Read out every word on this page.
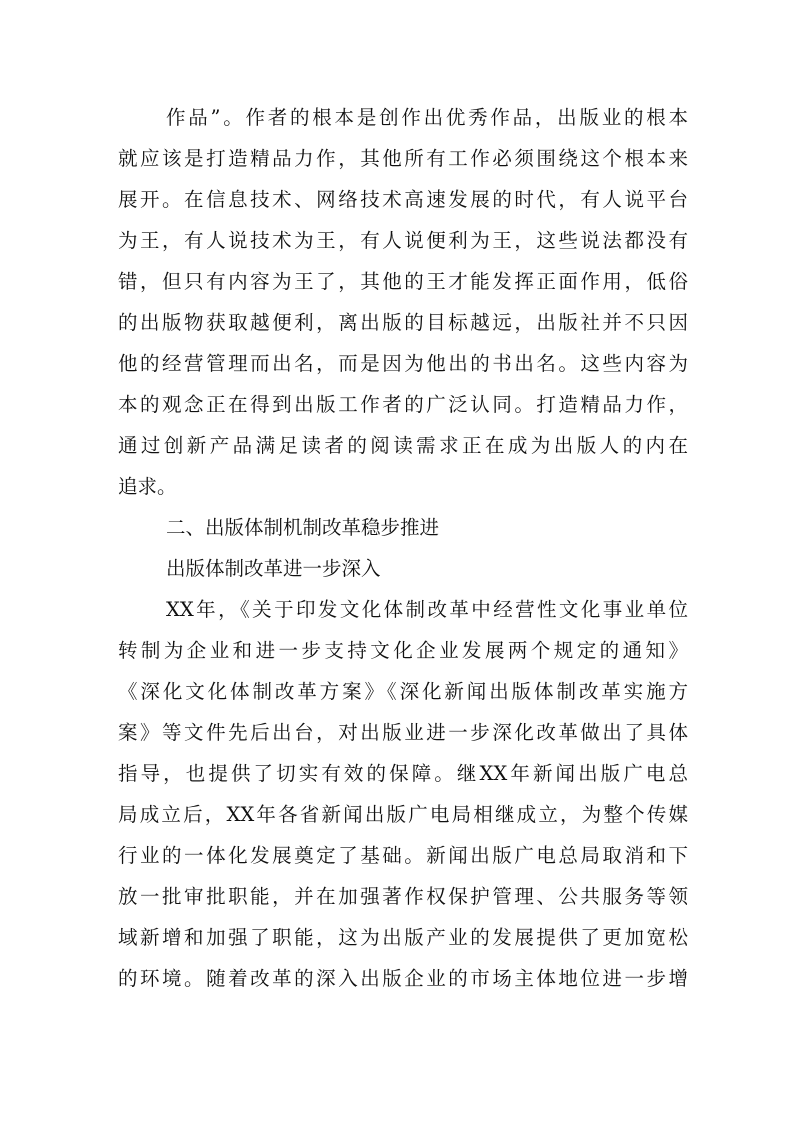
作品”。作者的根本是创作出优秀作品，出版业的根本
就应该是打造精品力作，其他所有工作必须围绕这个根本来
展开。在信息技术、网络技术高速发展的时代，有人说平台
为王，有人说技术为王，有人说便利为王，这些说法都没有
错，但只有内容为王了，其他的王才能发挥正面作用，低俗
的出版物获取越便利，离出版的目标越远，出版社并不只因
他的经营管理而出名，而是因为他出的书出名。这些内容为
本的观念正在得到出版工作者的广泛认同。打造精品力作，
通过创新产品满足读者的阅读需求正在成为出版人的内在
追求。
二、出版体制机制改革稳步推进
出版体制改革进一步深入
XX年，《关于印发文化体制改革中经营性文化事业单位
转制为企业和进一步支持文化企业发展两个规定的通知》
《深化文化体制改革方案》《深化新闻出版体制改革实施方
案》等文件先后出台，对出版业进一步深化改革做出了具体
指导，也提供了切实有效的保障。继XX年新闻出版广电总
局成立后，XX年各省新闻出版广电局相继成立，为整个传媒
行业的一体化发展奠定了基础。新闻出版广电总局取消和下
放一批审批职能，并在加强著作权保护管理、公共服务等领
域新增和加强了职能，这为出版产业的发展提供了更加宽松
的环境。随着改革的深入出版企业的市场主体地位进一步增
